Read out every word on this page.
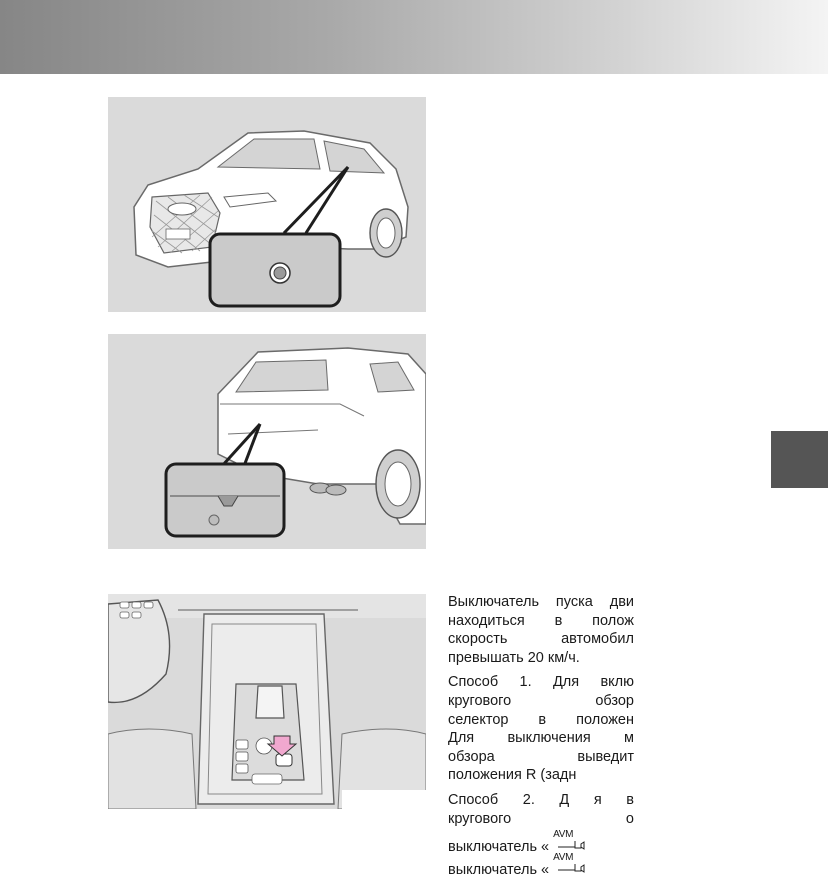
Выключатель пуска дви
находиться в полож
скорость автомобил
превышать 20 км/ч.

Способ 1. Для вклю
кругового обзор
селектор в положен
Для выключения м
обзора выведит
положения R (задн

Способ 2. Д я в
кругового о
выключатель «
AVM
выключатель «
AVM
